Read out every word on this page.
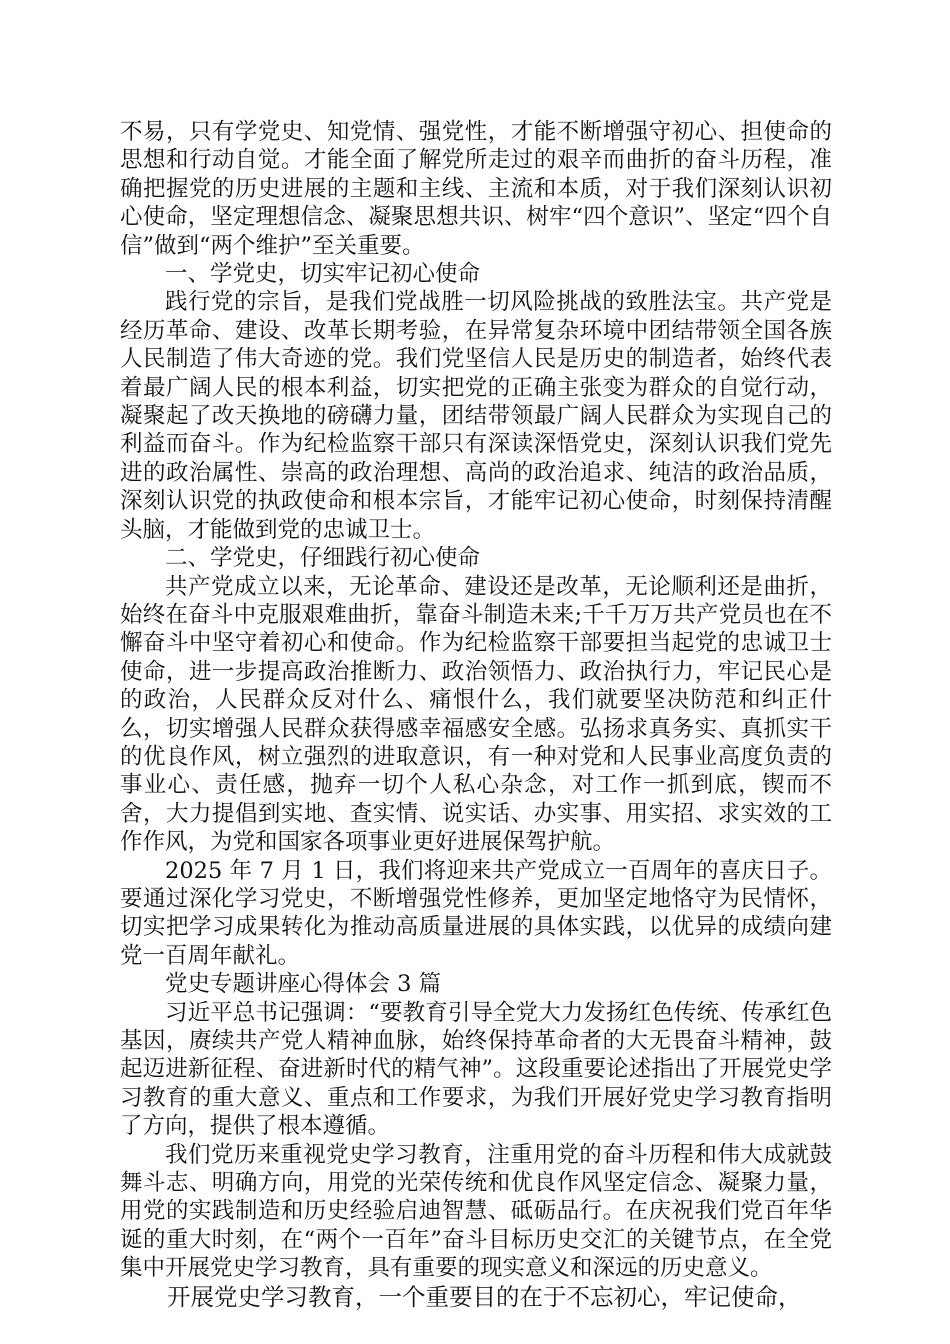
不易，只有学党史、知党情、强党性，才能不断增强守初心、担使命的思想和行动自觉。才能全面了解党所走过的艰辛而曲折的奋斗历程，准确把握党的历史进展的主题和主线、主流和本质，对于我们深刻认识初心使命，坚定理想信念、凝聚思想共识、树牢“四个意识”、坚定“四个自信”做到“两个维护”至关重要。

一、学党史，切实牢记初心使命

践行党的宗旨，是我们党战胜一切风险挑战的致胜法宝。共产党是经历革命、建设、改革长期考验，在异常复杂环境中团结带领全国各族人民制造了伟大奇迹的党。我们党坚信人民是历史的制造者，始终代表着最广阔人民的根本利益，切实把党的正确主张变为群众的自觉行动，凝聚起了改天换地的磅礴力量，团结带领最广阔人民群众为实现自己的利益而奋斗。作为纪检监察干部只有深读深悟党史，深刻认识我们党先进的政治属性、崇高的政治理想、高尚的政治追求、纯洁的政治品质，深刻认识党的执政使命和根本宗旨，才能牢记初心使命，时刻保持清醒头脑，才能做到党的忠诚卫士。

二、学党史，仔细践行初心使命

共产党成立以来，无论革命、建设还是改革，无论顺利还是曲折，始终在奋斗中克服艰难曲折，靠奋斗制造未来;千千万万共产党员也在不懈奋斗中坚守着初心和使命。作为纪检监察干部要担当起党的忠诚卫士使命，进一步提高政治推断力、政治领悟力、政治执行力，牢记民心是的政治，人民群众反对什么、痛恨什么，我们就要坚决防范和纠正什么，切实增强人民群众获得感幸福感安全感。弘扬求真务实、真抓实干的优良作风，树立强烈的进取意识，有一种对党和人民事业高度负责的事业心、责任感，抛弃一切个人私心杂念，对工作一抓到底，锲而不舍，大力提倡到实地、查实情、说实话、办实事、用实招、求实效的工作作风，为党和国家各项事业更好进展保驾护航。

2025 年 7 月 1 日，我们将迎来共产党成立一百周年的喜庆日子。要通过深化学习党史，不断增强党性修养，更加坚定地恪守为民情怀，切实把学习成果转化为推动高质量进展的具体实践，以优异的成绩向建党一百周年献礼。

党史专题讲座心得体会 3 篇

习近平总书记强调：“要教育引导全党大力发扬红色传统、传承红色基因，赓续共产党人精神血脉，始终保持革命者的大无畏奋斗精神，鼓起迈进新征程、奋进新时代的精气神”。这段重要论述指出了开展党史学习教育的重大意义、重点和工作要求，为我们开展好党史学习教育指明了方向，提供了根本遵循。

我们党历来重视党史学习教育，注重用党的奋斗历程和伟大成就鼓舞斗志、明确方向，用党的光荣传统和优良作风坚定信念、凝聚力量，用党的实践制造和历史经验启迪智慧、砥砺品行。在庆祝我们党百年华诞的重大时刻，在“两个一百年”奋斗目标历史交汇的关键节点，在全党集中开展党史学习教育，具有重要的现实意义和深远的历史意义。

开展党史学习教育，一个重要目的在于不忘初心，牢记使命，
